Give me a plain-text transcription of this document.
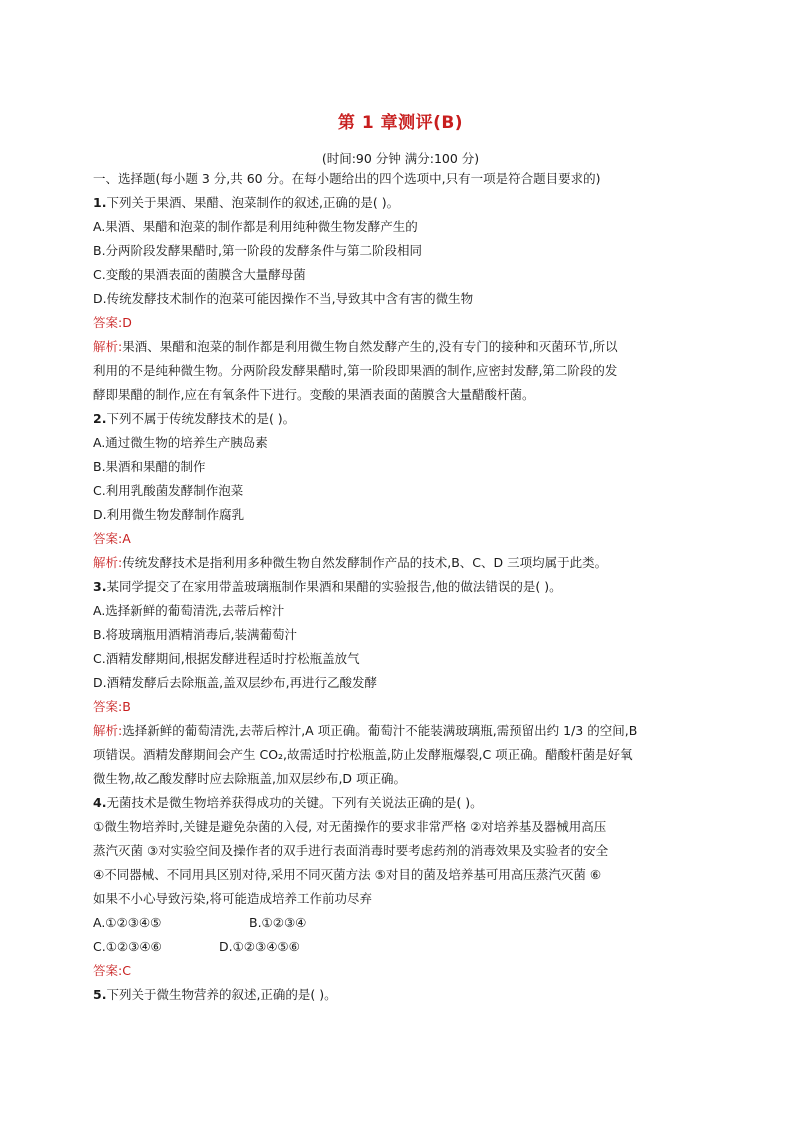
第 1 章测评(B)
(时间:90 分钟 满分:100 分)
一、选择题(每小题 3 分,共 60 分。在每小题给出的四个选项中,只有一项是符合题目要求的)
1.下列关于果酒、果醋、泡菜制作的叙述,正确的是( )。
A.果酒、果醋和泡菜的制作都是利用纯种微生物发酵产生的
B.分两阶段发酵果醋时,第一阶段的发酵条件与第二阶段相同
C.变酸的果酒表面的菌膜含大量酵母菌
D.传统发酵技术制作的泡菜可能因操作不当,导致其中含有害的微生物
答案:D
解析:果酒、果醋和泡菜的制作都是利用微生物自然发酵产生的,没有专门的接种和灭菌环节,所以
利用的不是纯种微生物。分两阶段发酵果醋时,第一阶段即果酒的制作,应密封发酵,第二阶段的发
酵即果醋的制作,应在有氧条件下进行。变酸的果酒表面的菌膜含大量醋酸杆菌。
2.下列不属于传统发酵技术的是( )。
A.通过微生物的培养生产胰岛素
B.果酒和果醋的制作
C.利用乳酸菌发酵制作泡菜
D.利用微生物发酵制作腐乳
答案:A
解析:传统发酵技术是指利用多种微生物自然发酵制作产品的技术,B、C、D 三项均属于此类。
3.某同学提交了在家用带盖玻璃瓶制作果酒和果醋的实验报告,他的做法错误的是( )。
A.选择新鲜的葡萄清洗,去蒂后榨汁
B.将玻璃瓶用酒精消毒后,装满葡萄汁
C.酒精发酵期间,根据发酵进程适时拧松瓶盖放气
D.酒精发酵后去除瓶盖,盖双层纱布,再进行乙酸发酵
答案:B
解析:选择新鲜的葡萄清洗,去蒂后榨汁,A 项正确。葡萄汁不能装满玻璃瓶,需预留出约 1/3 的空间,B
项错误。酒精发酵期间会产生 CO₂,故需适时拧松瓶盖,防止发酵瓶爆裂,C 项正确。醋酸杆菌是好氧
微生物,故乙酸发酵时应去除瓶盖,加双层纱布,D 项正确。
4.无菌技术是微生物培养获得成功的关键。下列有关说法正确的是( )。
①微生物培养时,关键是避免杂菌的入侵, 对无菌操作的要求非常严格 ②对培养基及器械用高压
蒸汽灭菌 ③对实验空间及操作者的双手进行表面消毒时要考虑药剂的消毒效果及实验者的安全
④不同器械、不同用具区别对待,采用不同灭菌方法 ⑤对目的菌及培养基可用高压蒸汽灭菌 ⑥
如果不小心导致污染,将可能造成培养工作前功尽弃
A.①②③④⑤	B.①②③④
C.①②③④⑥	D.①②③④⑤⑥
答案:C
5.下列关于微生物营养的叙述,正确的是( )。
